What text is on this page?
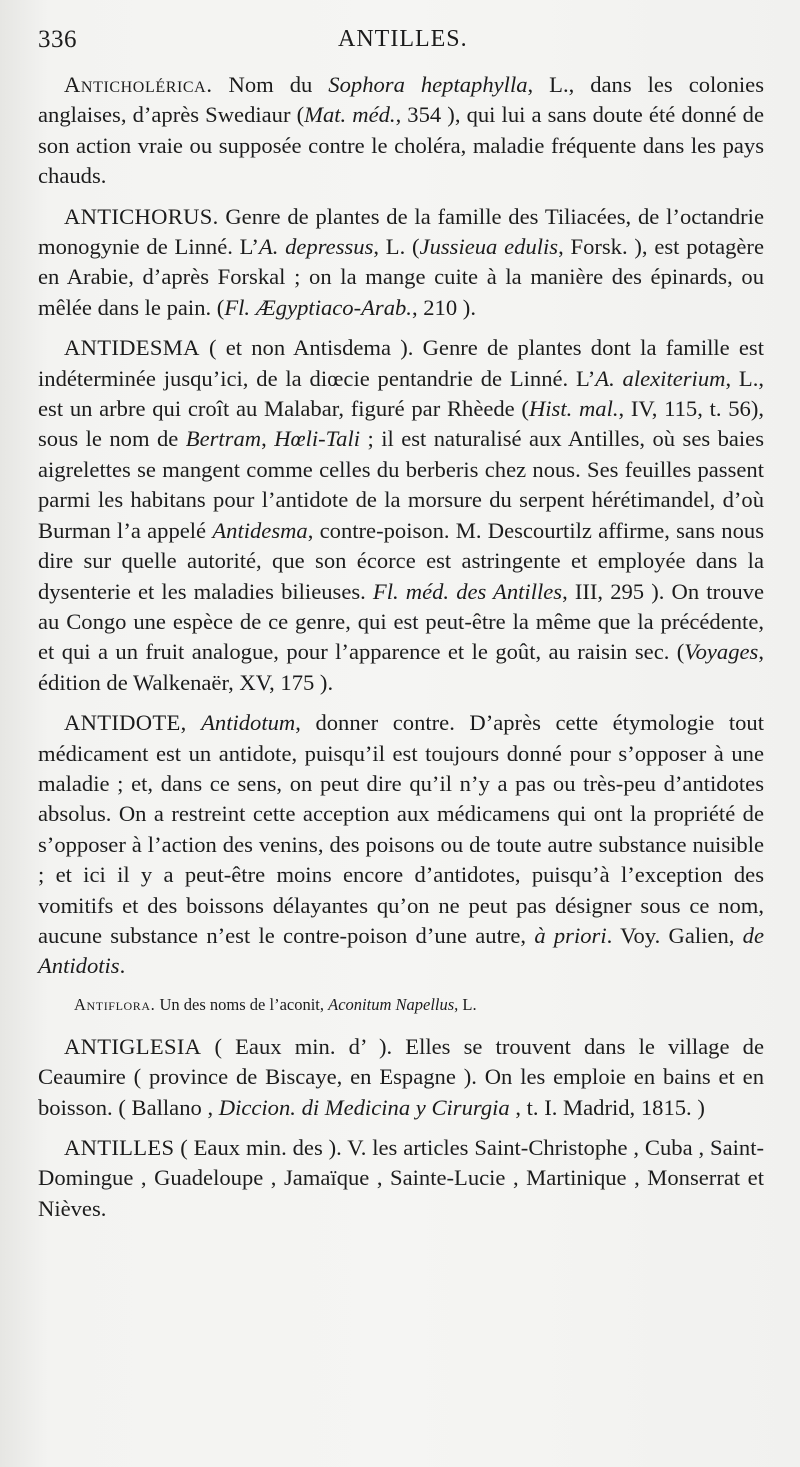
336	ANTILLES.

Anticholérica. Nom du Sophora heptaphylla, L., dans les colonies anglaises, d’après Swediaur (Mat. méd., 354 ), qui lui a sans doute été donné de son action vraie ou supposée contre le choléra, maladie fréquente dans les pays chauds.

ANTICHORUS. Genre de plantes de la famille des Tiliacées, de l’octandrie monogynie de Linné. L’A. depressus, L. (Jussieua edulis, Forsk. ), est potagère en Arabie, d’après Forskal ; on la mange cuite à la manière des épinards, ou mêlée dans le pain. (Fl. Ægyptiaco-Arab., 210 ).

ANTIDESMA ( et non Antisdema ). Genre de plantes dont la famille est indéterminée jusqu’ici, de la diœcie pentandrie de Linné. L’A. alexiterium, L., est un arbre qui croît au Malabar, figuré par Rhèede (Hist. mal., IV, 115, t. 56), sous le nom de Bertram, Hœli-Tali ; il est naturalisé aux Antilles, où ses baies aigrelettes se mangent comme celles du berberis chez nous. Ses feuilles passent parmi les habitans pour l’antidote de la morsure du serpent hérétimandel, d’où Burman l’a appelé Antidesma, contre-poison. M. Descourtilz affirme, sans nous dire sur quelle autorité, que son écorce est astringente et employée dans la dysenterie et les maladies bilieuses. Fl. méd. des Antilles, III, 295 ). On trouve au Congo une espèce de ce genre, qui est peut-être la même que la précédente, et qui a un fruit analogue, pour l’apparence et le goût, au raisin sec. (Voyages, édition de Walkenaër, XV, 175 ).

ANTIDOTE, Antidotum, donner contre. D’après cette étymologie tout médicament est un antidote, puisqu’il est toujours donné pour s’opposer à une maladie ; et, dans ce sens, on peut dire qu’il n’y a pas ou très-peu d’antidotes absolus. On a restreint cette acception aux médicamens qui ont la propriété de s’opposer à l’action des venins, des poisons ou de toute autre substance nuisible ; et ici il y a peut-être moins encore d’antidotes, puisqu’à l’exception des vomitifs et des boissons délayantes qu’on ne peut pas désigner sous ce nom, aucune substance n’est le contre-poison d’une autre, à priori. Voy. Galien, de Antidotis.

Antiflora. Un des noms de l’aconit, Aconitum Napellus, L.

ANTIGLESIA ( Eaux min. d’ ). Elles se trouvent dans le village de Ceaumire ( province de Biscaye, en Espagne ). On les emploie en bains et en boisson. ( Ballano , Diccion. di Medicina y Cirurgia , t. I. Madrid, 1815. )

ANTILLES ( Eaux min. des ). V. les articles Saint-Christophe , Cuba , Saint-Domingue , Guadeloupe , Jamaïque , Sainte-Lucie , Martinique , Monserrat et Nièves.
